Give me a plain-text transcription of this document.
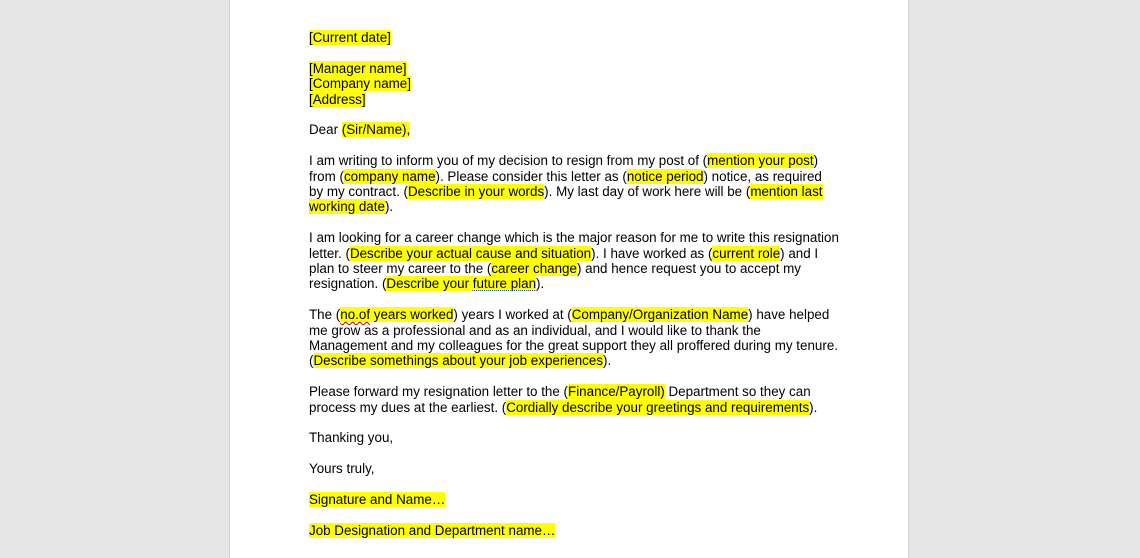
[Current date]

[Manager name]
[Company name]
[Address]

Dear (Sir/Name),

I am writing to inform you of my decision to resign from my post of (mention your post) from (company name). Please consider this letter as (notice period) notice, as required by my contract. (Describe in your words). My last day of work here will be (mention last working date).

I am looking for a career change which is the major reason for me to write this resignation letter. (Describe your actual cause and situation). I have worked as (current role) and I plan to steer my career to the (career change) and hence request you to accept my resignation. (Describe your future plan).

The (no.of years worked) years I worked at (Company/Organization Name) have helped me grow as a professional and as an individual, and I would like to thank the Management and my colleagues for the great support they all proffered during my tenure. (Describe somethings about your job experiences).

Please forward my resignation letter to the (Finance/Payroll) Department so they can process my dues at the earliest. (Cordially describe your greetings and requirements).

Thanking you,

Yours truly,

Signature and Name…

Job Designation and Department name…
